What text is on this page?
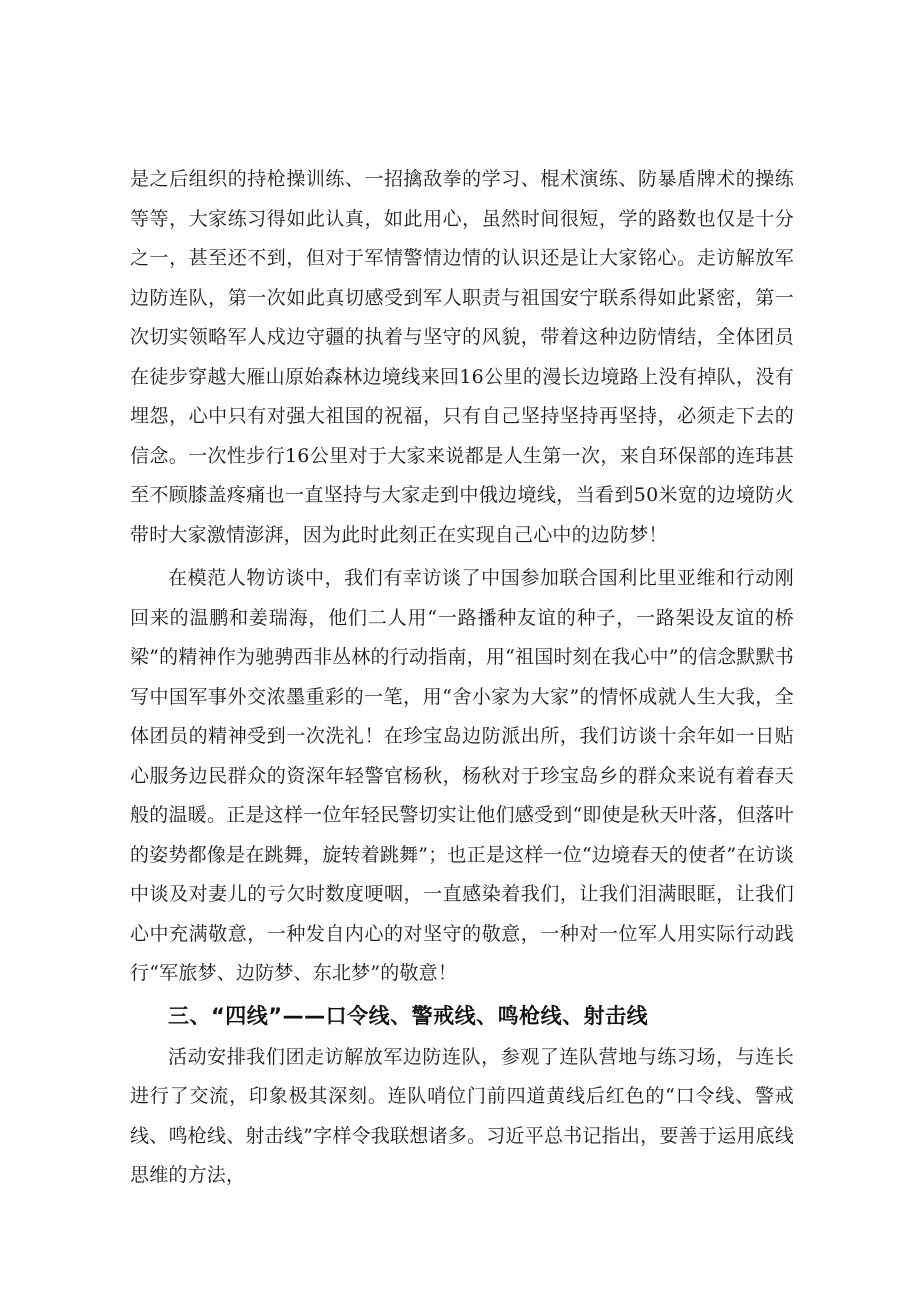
是之后组织的持枪操训练、一招擒敌拳的学习、棍术演练、防暴盾牌术的操练等等，大家练习得如此认真，如此用心，虽然时间很短，学的路数也仅是十分之一，甚至还不到，但对于军情警情边情的认识还是让大家铭心。走访解放军边防连队，第一次如此真切感受到军人职责与祖国安宁联系得如此紧密，第一次切实领略军人戍边守疆的执着与坚守的风貌，带着这种边防情结，全体团员在徒步穿越大雁山原始森林边境线来回16公里的漫长边境路上没有掉队，没有埋怨，心中只有对强大祖国的祝福，只有自己坚持坚持再坚持，必须走下去的信念。一次性步行16公里对于大家来说都是人生第一次，来自环保部的连玮甚至不顾膝盖疼痛也一直坚持与大家走到中俄边境线，当看到50米宽的边境防火带时大家激情澎湃，因为此时此刻正在实现自己心中的边防梦！

在模范人物访谈中，我们有幸访谈了中国参加联合国利比里亚维和行动刚回来的温鹏和姜瑞海，他们二人用“一路播种友谊的种子，一路架设友谊的桥梁”的精神作为驰骋西非丛林的行动指南，用“祖国时刻在我心中”的信念默默书写中国军事外交浓墨重彩的一笔，用“舍小家为大家”的情怀成就人生大我，全体团员的精神受到一次洗礼！在珍宝岛边防派出所，我们访谈十余年如一日贴心服务边民群众的资深年轻警官杨秋，杨秋对于珍宝岛乡的群众来说有着春天般的温暖。正是这样一位年轻民警切实让他们感受到“即使是秋天叶落，但落叶的姿势都像是在跳舞，旋转着跳舞”；也正是这样一位“边境春天的使者”在访谈中谈及对妻儿的亏欠时数度哽咽，一直感染着我们，让我们泪满眼眶，让我们心中充满敬意，一种发自内心的对坚守的敬意，一种对一位军人用实际行动践行“军旅梦、边防梦、东北梦”的敬意！

三、“四线”——口令线、警戒线、鸣枪线、射击线

活动安排我们团走访解放军边防连队，参观了连队营地与练习场，与连长进行了交流，印象极其深刻。连队哨位门前四道黄线后红色的“口令线、警戒线、鸣枪线、射击线”字样令我联想诸多。习近平总书记指出，要善于运用底线思维的方法，
